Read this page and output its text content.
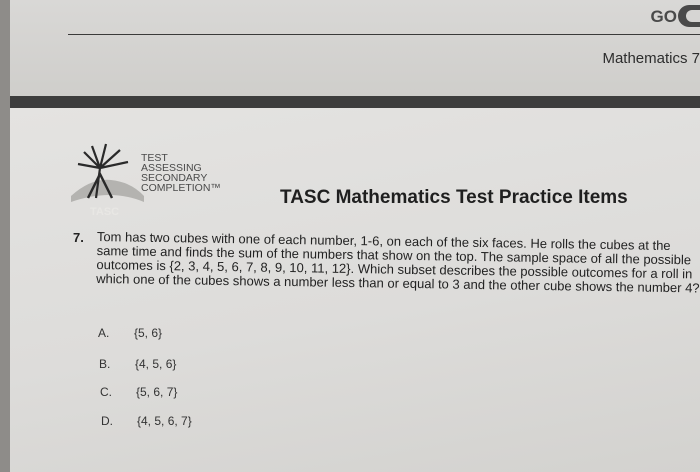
GO
Mathematics 7
TASC
TEST
ASSESSING
SECONDARY
COMPLETION™	TASC Mathematics Test Practice Items
7. Tom has two cubes with one of each number, 1-6, on each of the six faces. He rolls the cubes at the same time and finds the sum of the numbers that show on the top. The sample space of all the possible outcomes is {2, 3, 4, 5, 6, 7, 8, 9, 10, 11, 12}. Which subset describes the possible outcomes for a roll in which one of the cubes shows a number less than or equal to 3 and the other cube shows the number 4?
A. {5, 6}
B. {4, 5, 6}
C. {5, 6, 7}
D. {4, 5, 6, 7}
